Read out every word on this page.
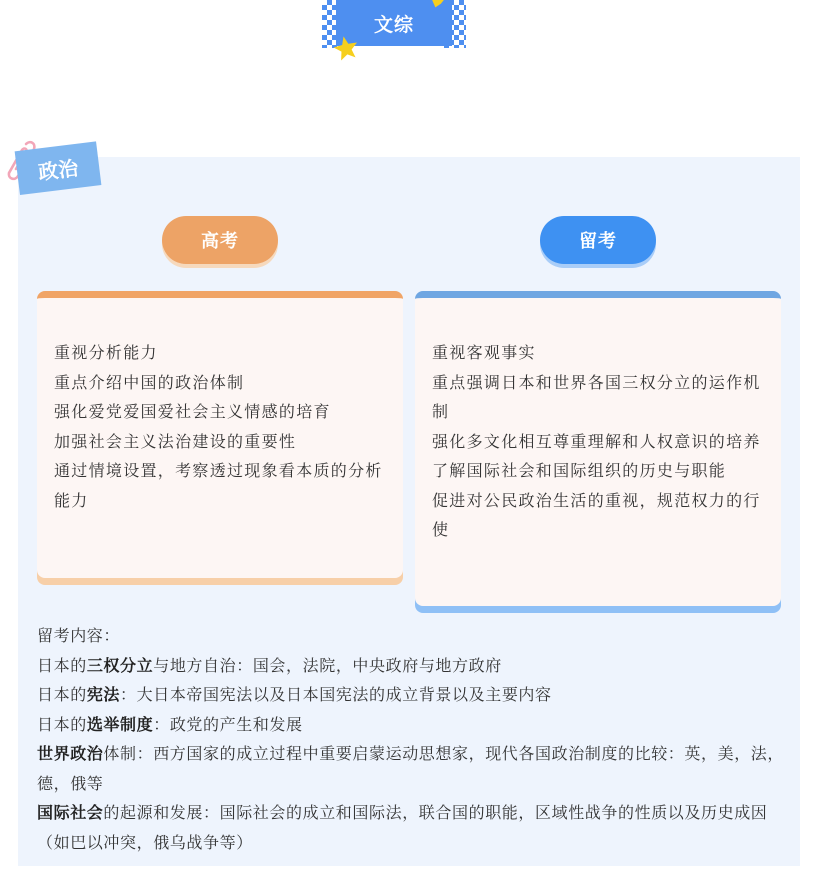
文综
政治
高考	留考
重视分析能力
重点介绍中国的政治体制
强化爱党爱国爱社会主义情感的培育
加强社会主义法治建设的重要性
通过情境设置，考察透过现象看本质的分析能力
重视客观事实
重点强调日本和世界各国三权分立的运作机制
强化多文化相互尊重理解和人权意识的培养
了解国际社会和国际组织的历史与职能
促进对公民政治生活的重视，规范权力的行使

留考内容：

日本的三权分立与地方自治：国会，法院，中央政府与地方政府

日本的宪法：大日本帝国宪法以及日本国宪法的成立背景以及主要内容

日本的选举制度：政党的产生和发展

世界政治体制：西方国家的成立过程中重要启蒙运动思想家，现代各国政治制度的比较：英，美，法，德，俄等

国际社会的起源和发展：国际社会的成立和国际法，联合国的职能，区域性战争的性质以及历史成因（如巴以冲突，俄乌战争等）
